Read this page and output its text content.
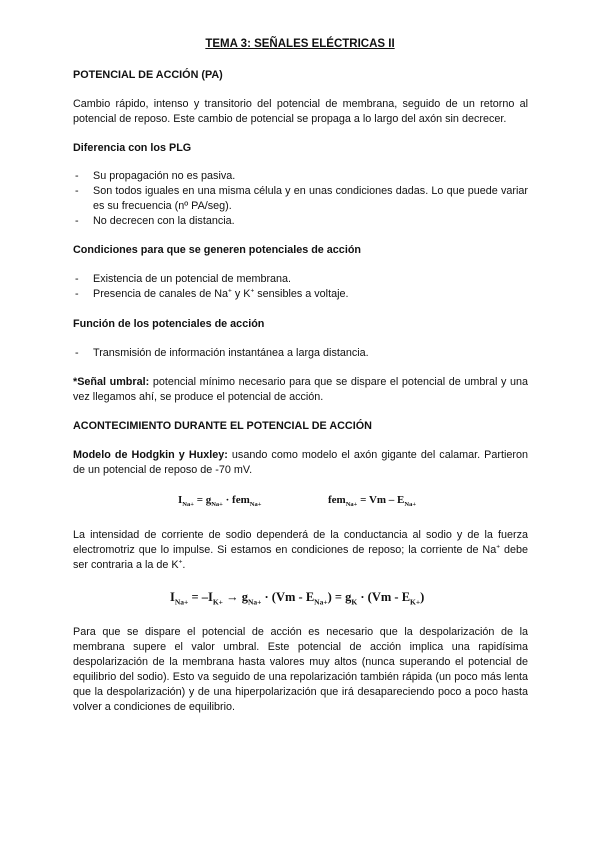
TEMA 3: SEÑALES ELÉCTRICAS II
POTENCIAL DE ACCIÓN (PA)

Cambio rápido, intenso y transitorio del potencial de membrana, seguido de un retorno al potencial de reposo. Este cambio de potencial se propaga a lo largo del axón sin decrecer.

Diferencia con los PLG
- Su propagación no es pasiva.
- Son todos iguales en una misma célula y en unas condiciones dadas. Lo que puede variar es su frecuencia (nº PA/seg).
- No decrecen con la distancia.
Condiciones para que se generen potenciales de acción
- Existencia de un potencial de membrana.
- Presencia de canales de Na+ y K+ sensibles a voltaje.
Función de los potenciales de acción
- Transmisión de información instantánea a larga distancia.

*Señal umbral: potencial mínimo necesario para que se dispare el potencial de umbral y una vez llegamos ahí, se produce el potencial de acción.

ACONTECIMIENTO DURANTE EL POTENCIAL DE ACCIÓN

Modelo de Hodgkin y Huxley: usando como modelo el axón gigante del calamar. Partieron de un potencial de reposo de -70 mV.

$I_{Na+} = g_{Na+} \cdot fem_{Na+}$	$fem_{Na+} = Vm - E_{Na+}$

La intensidad de corriente de sodio dependerá de la conductancia al sodio y de la fuerza electromotriz que lo impulse. Si estamos en condiciones de reposo; la corriente de Na+ debe ser contraria a la de K+.

$I_{Na+} = -I_{K+} \to g_{Na+} \cdot (Vm - E_{Na+}) = g_K \cdot (Vm - E_{K+})$

Para que se dispare el potencial de acción es necesario que la despolarización de la membrana supere el valor umbral. Este potencial de acción implica una rapidísima despolarización de la membrana hasta valores muy altos (nunca superando el potencial de equilibrio del sodio). Esto va seguido de una repolarización también rápida (un poco más lenta que la despolarización) y de una hiperpolarización que irá desapareciendo poco a poco hasta volver a condiciones de equilibrio.
